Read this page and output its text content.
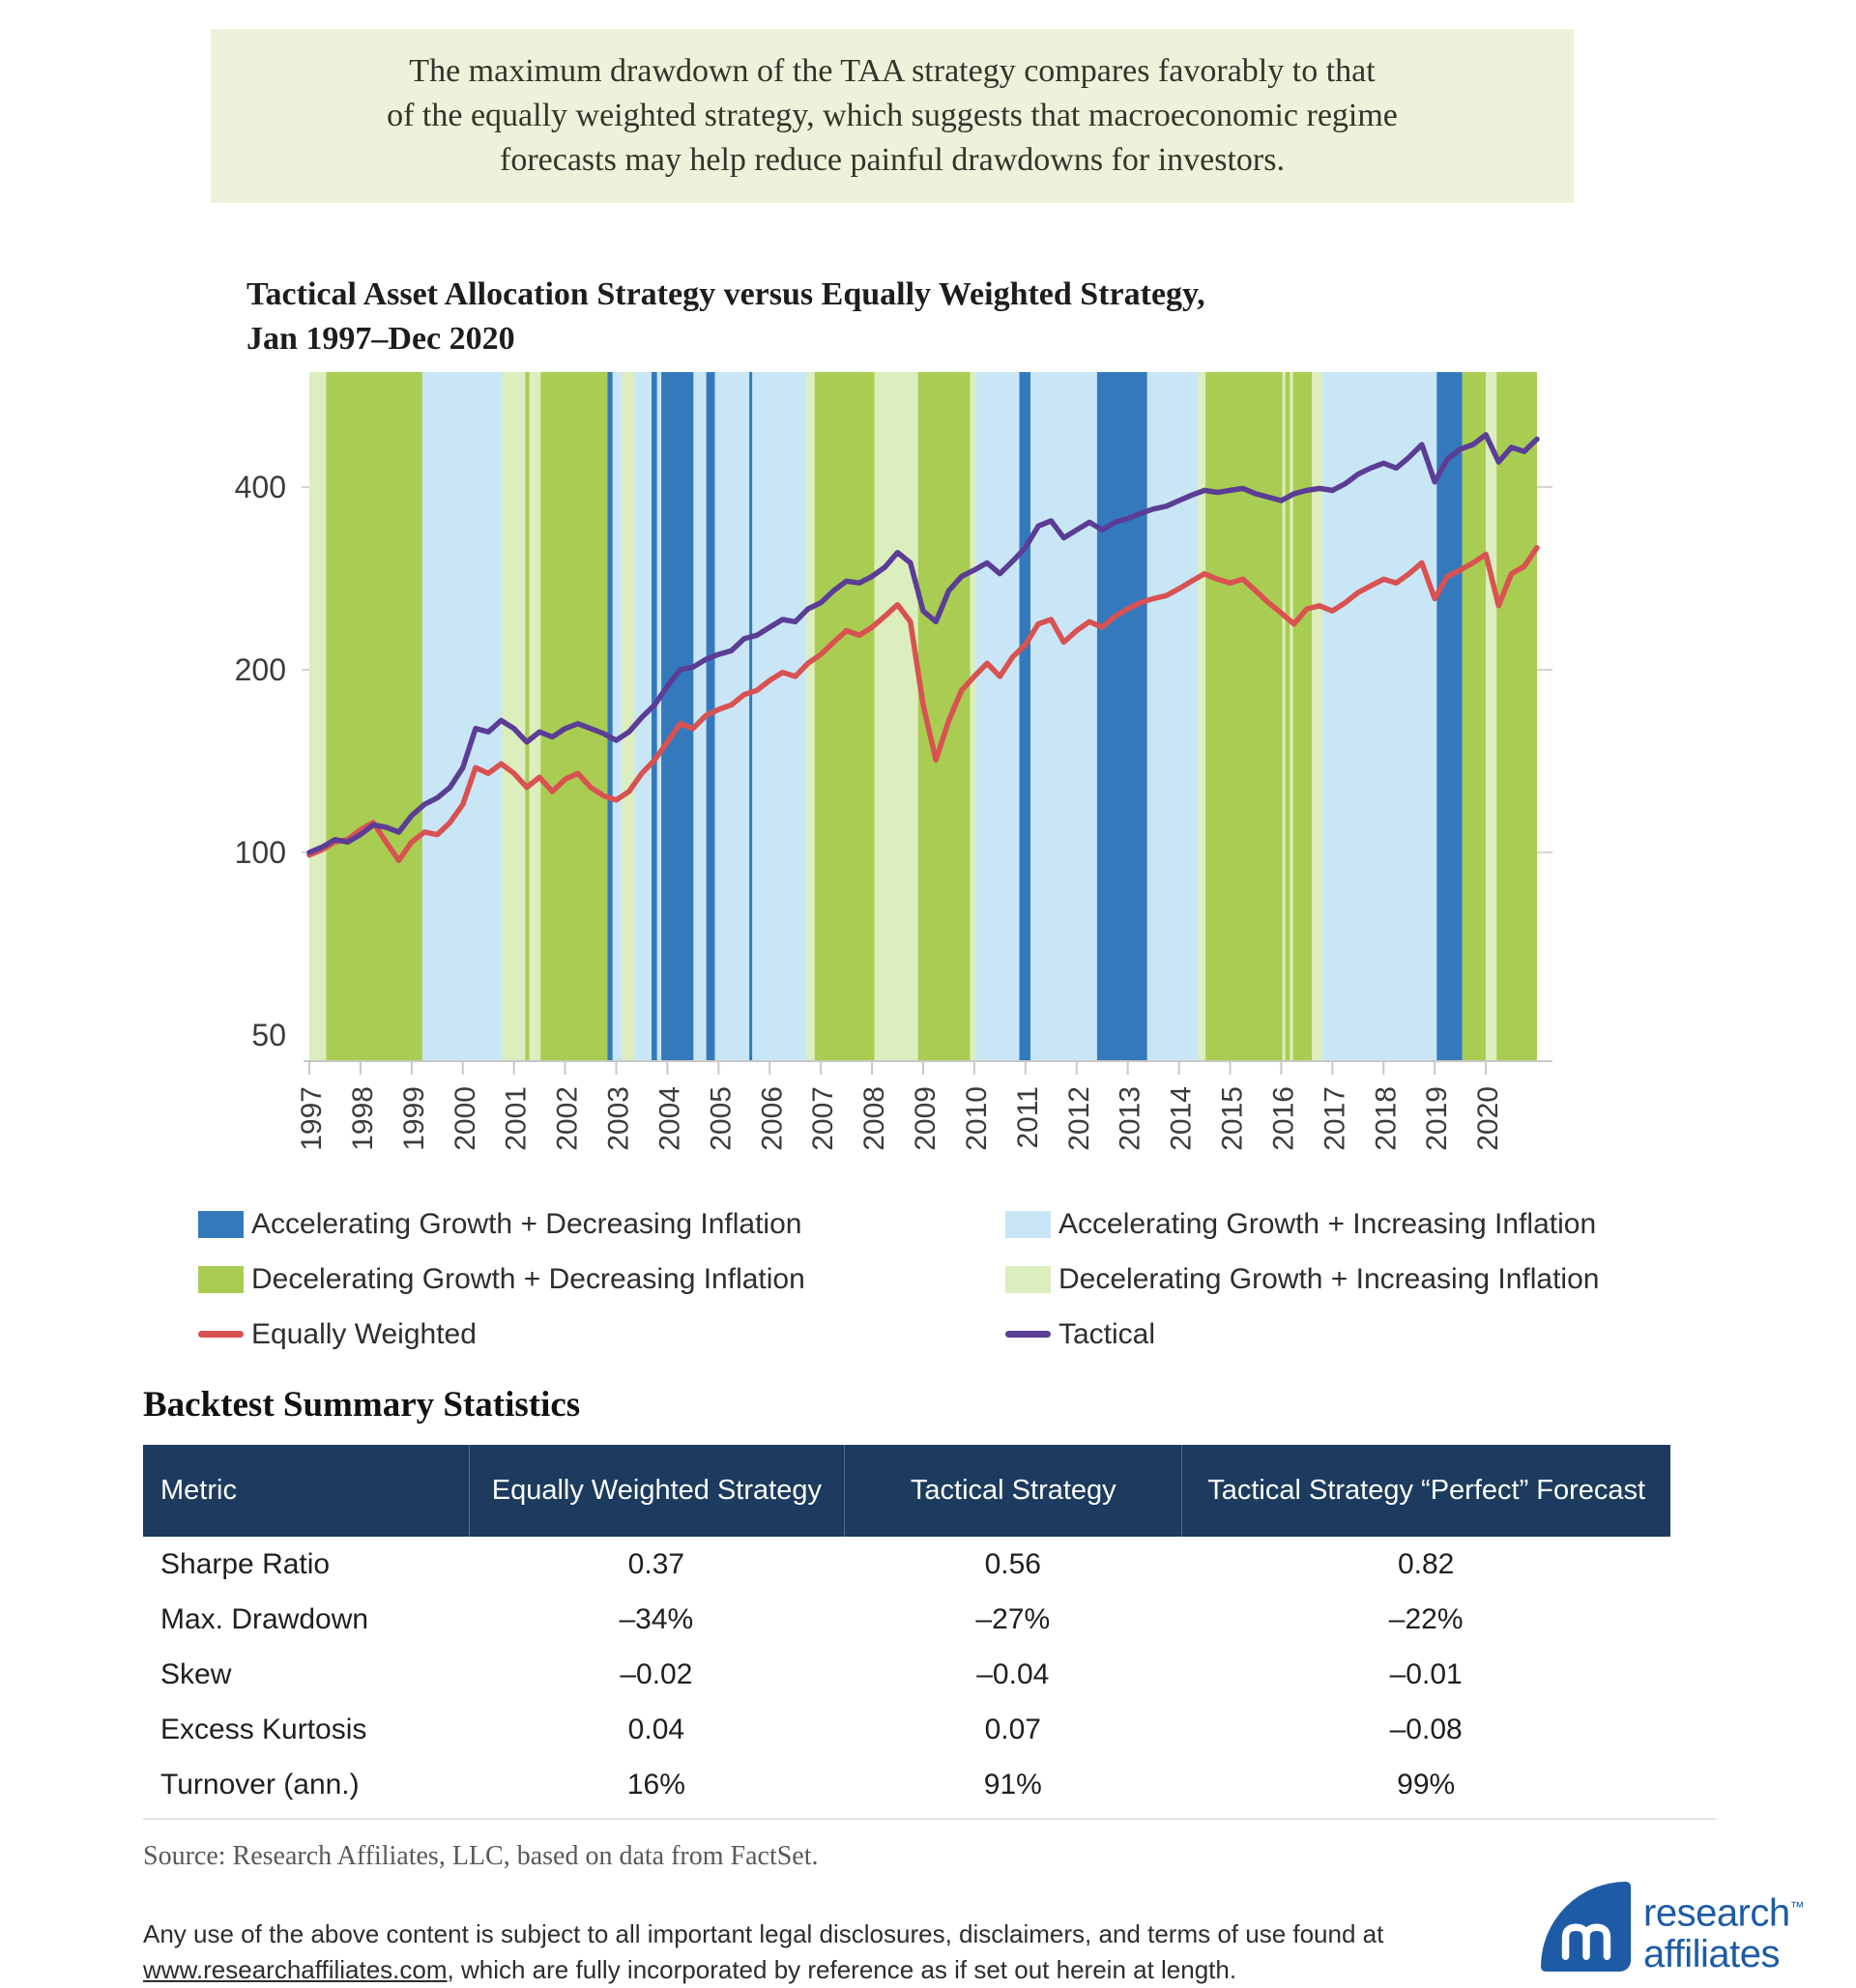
The maximum drawdown of the TAA strategy compares favorably to that
of the equally weighted strategy, which suggests that macroeconomic regime
forecasts may help reduce painful drawdowns for investors.
Tactical Asset Allocation Strategy versus Equally Weighted Strategy,
Jan 1997–Dec 2020
400
200
100
50
1997 1998 1999 2000 2001 2002 2003 2004 2005 2006 2007 2008 2009 2010 2011 2012 2013 2014 2015 2016 2017 2018 2019 2020
Accelerating Growth + Decreasing Inflation	Accelerating Growth + Increasing Inflation
Decelerating Growth + Decreasing Inflation	Decelerating Growth + Increasing Inflation
Equally Weighted	Tactical
Backtest Summary Statistics
Metric	Equally Weighted Strategy	Tactical Strategy	Tactical Strategy “Perfect” Forecast
Sharpe Ratio	0.37	0.56	0.82
Max. Drawdown	–34%	–27%	–22%
Skew	–0.02	–0.04	–0.01
Excess Kurtosis	0.04	0.07	–0.08
Turnover (ann.)	16%	91%	99%
Source: Research Affiliates, LLC, based on data from FactSet.
Any use of the above content is subject to all important legal disclosures, disclaimers, and terms of use found at
www.researchaffiliates.com, which are fully incorporated by reference as if set out herein at length.
research™
affiliates
